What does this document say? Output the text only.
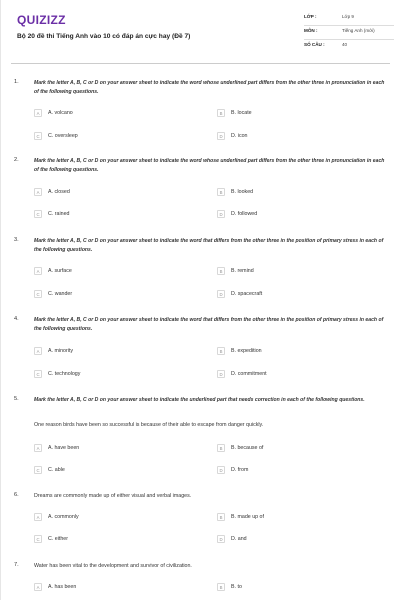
QUIZIZZ
Bộ 20 đề thi Tiếng Anh vào 10 có đáp án cực hay (Đề 7)
LỚP :	Lớp 9
MÔN :	Tiếng Anh (mới)
SỐ CÂU :	40
1.	Mark the letter A, B, C or D on your answer sheet to indicate the word whose underlined part differs from the other three in pronunciation in each of the following questions.
A	A. volcano	B	B. locate
C	C. oversleep	D	D. icon
2.	Mark the letter A, B, C or D on your answer sheet to indicate the word whose underlined part differs from the other three in pronunciation in each of the following questions.
A	A. closed	B	B. looked
C	C. rained	D	D. followed
3.	Mark the letter A, B, C or D on your answer sheet to indicate the word that differs from the other three in the position of primary stress in each of the following questions.
A	A. surface	B	B. remind
C	C. wander	D	D. spacecraft
4.	Mark the letter A, B, C or D on your answer sheet to indicate the word that differs from the other three in the position of primary stress in each of the following questions.
A	A. minority	B	B. expedition
C	C. technology	D	D. commitment
5.	Mark the letter A, B, C or D on your answer sheet to indicate the underlined part that needs correction in each of the following questions.
One reason birds have been so successful is because of their able to escape from danger quickly.
A	A. have been	B	B. because of
C	C. able	D	D. from
6.	Dreams are commonly made up of either visual and verbal images.
A	A. commonly	B	B. made up of
C	C. either	D	D. and
7.	Water has been vital to the development and survivor of civilization.
A	A. has been	B	B. to
